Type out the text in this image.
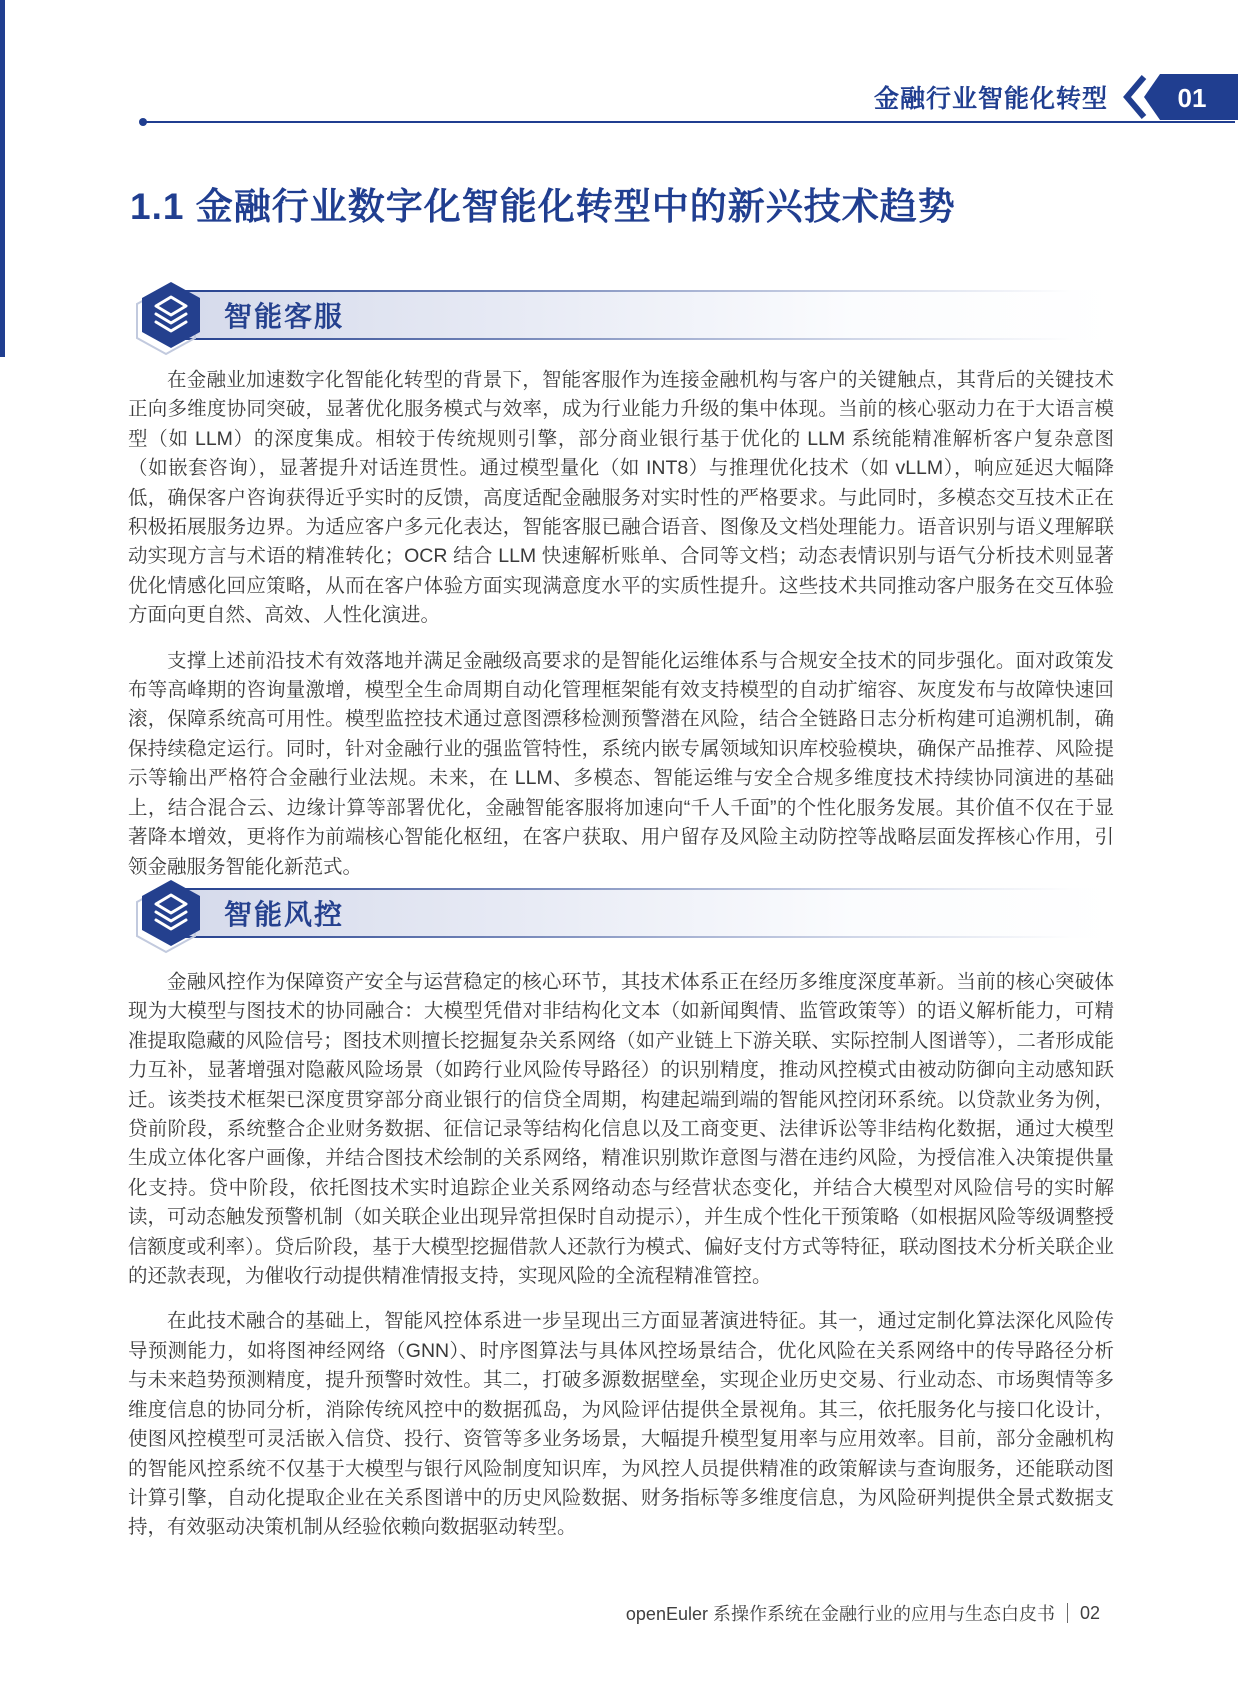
金融行业智能化转型	01
1.1 金融行业数字化智能化转型中的新兴技术趋势
智能客服

在金融业加速数字化智能化转型的背景下，智能客服作为连接金融机构与客户的关键触点，其背后的关键技术正向多维度协同突破，显著优化服务模式与效率，成为行业能力升级的集中体现。当前的核心驱动力在于大语言模型（如 LLM）的深度集成。相较于传统规则引擎，部分商业银行基于优化的 LLM 系统能精准解析客户复杂意图（如嵌套咨询），显著提升对话连贯性。通过模型量化（如 INT8）与推理优化技术（如 vLLM），响应延迟大幅降低，确保客户咨询获得近乎实时的反馈，高度适配金融服务对实时性的严格要求。与此同时，多模态交互技术正在积极拓展服务边界。为适应客户多元化表达，智能客服已融合语音、图像及文档处理能力。语音识别与语义理解联动实现方言与术语的精准转化；OCR 结合 LLM 快速解析账单、合同等文档；动态表情识别与语气分析技术则显著优化情感化回应策略，从而在客户体验方面实现满意度水平的实质性提升。这些技术共同推动客户服务在交互体验方面向更自然、高效、人性化演进。

支撑上述前沿技术有效落地并满足金融级高要求的是智能化运维体系与合规安全技术的同步强化。面对政策发布等高峰期的咨询量激增，模型全生命周期自动化管理框架能有效支持模型的自动扩缩容、灰度发布与故障快速回滚，保障系统高可用性。模型监控技术通过意图漂移检测预警潜在风险，结合全链路日志分析构建可追溯机制，确保持续稳定运行。同时，针对金融行业的强监管特性，系统内嵌专属领域知识库校验模块，确保产品推荐、风险提示等输出严格符合金融行业法规。未来，在 LLM、多模态、智能运维与安全合规多维度技术持续协同演进的基础上，结合混合云、边缘计算等部署优化，金融智能客服将加速向“千人千面”的个性化服务发展。其价值不仅在于显著降本增效，更将作为前端核心智能化枢纽，在客户获取、用户留存及风险主动防控等战略层面发挥核心作用，引领金融服务智能化新范式。

智能风控

金融风控作为保障资产安全与运营稳定的核心环节，其技术体系正在经历多维度深度革新。当前的核心突破体现为大模型与图技术的协同融合：大模型凭借对非结构化文本（如新闻舆情、监管政策等）的语义解析能力，可精准提取隐藏的风险信号；图技术则擅长挖掘复杂关系网络（如产业链上下游关联、实际控制人图谱等），二者形成能力互补，显著增强对隐蔽风险场景（如跨行业风险传导路径）的识别精度，推动风控模式由被动防御向主动感知跃迁。该类技术框架已深度贯穿部分商业银行的信贷全周期，构建起端到端的智能风控闭环系统。以贷款业务为例，贷前阶段，系统整合企业财务数据、征信记录等结构化信息以及工商变更、法律诉讼等非结构化数据，通过大模型生成立体化客户画像，并结合图技术绘制的关系网络，精准识别欺诈意图与潜在违约风险，为授信准入决策提供量化支持。贷中阶段，依托图技术实时追踪企业关系网络动态与经营状态变化，并结合大模型对风险信号的实时解读，可动态触发预警机制（如关联企业出现异常担保时自动提示），并生成个性化干预策略（如根据风险等级调整授信额度或利率）。贷后阶段，基于大模型挖掘借款人还款行为模式、偏好支付方式等特征，联动图技术分析关联企业的还款表现，为催收行动提供精准情报支持，实现风险的全流程精准管控。

在此技术融合的基础上，智能风控体系进一步呈现出三方面显著演进特征。其一，通过定制化算法深化风险传导预测能力，如将图神经网络（GNN）、时序图算法与具体风控场景结合，优化风险在关系网络中的传导路径分析与未来趋势预测精度，提升预警时效性。其二，打破多源数据壁垒，实现企业历史交易、行业动态、市场舆情等多维度信息的协同分析，消除传统风控中的数据孤岛，为风险评估提供全景视角。其三，依托服务化与接口化设计，使图风控模型可灵活嵌入信贷、投行、资管等多业务场景，大幅提升模型复用率与应用效率。目前，部分金融机构的智能风控系统不仅基于大模型与银行风险制度知识库，为风控人员提供精准的政策解读与查询服务，还能联动图计算引擎，自动化提取企业在关系图谱中的历史风险数据、财务指标等多维度信息，为风险研判提供全景式数据支持，有效驱动决策机制从经验依赖向数据驱动转型。

openEuler 系操作系统在金融行业的应用与生态白皮书 02
